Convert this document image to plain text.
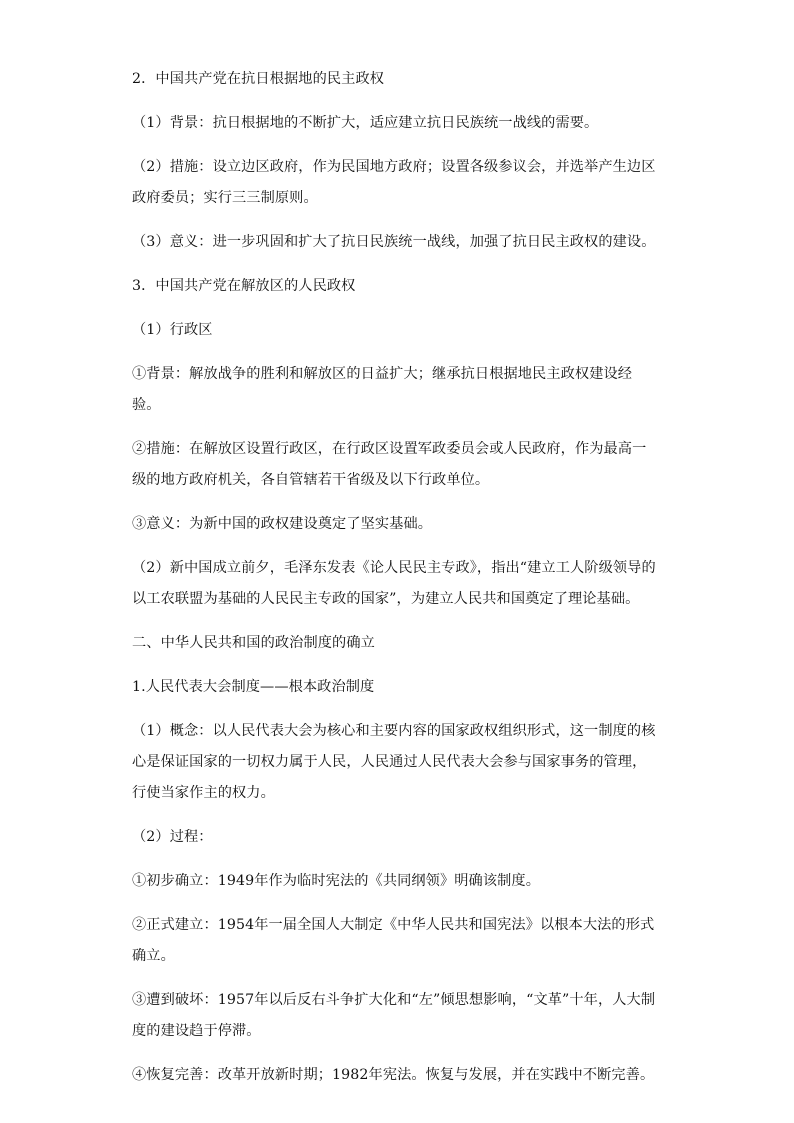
2．中国共产党在抗日根据地的民主政权

（1）背景：抗日根据地的不断扩大，适应建立抗日民族统一战线的需要。

（2）措施：设立边区政府，作为民国地方政府；设置各级参议会，并选举产生边区政府委员；实行三三制原则。

（3）意义：进一步巩固和扩大了抗日民族统一战线，加强了抗日民主政权的建设。

3．中国共产党在解放区的人民政权

（1）行政区

①背景：解放战争的胜利和解放区的日益扩大；继承抗日根据地民主政权建设经验。

②措施：在解放区设置行政区，在行政区设置军政委员会或人民政府，作为最高一级的地方政府机关，各自管辖若干省级及以下行政单位。

③意义：为新中国的政权建设奠定了坚实基础。

（2）新中国成立前夕，毛泽东发表《论人民民主专政》，指出“建立工人阶级领导的以工农联盟为基础的人民民主专政的国家”，为建立人民共和国奠定了理论基础。

二、中华人民共和国的政治制度的确立

1.人民代表大会制度——根本政治制度

（1）概念：以人民代表大会为核心和主要内容的国家政权组织形式，这一制度的核心是保证国家的一切权力属于人民，人民通过人民代表大会参与国家事务的管理，行使当家作主的权力。

（2）过程：

①初步确立：1949年作为临时宪法的《共同纲领》明确该制度。

②正式建立：1954年一届全国人大制定《中华人民共和国宪法》以根本大法的形式确立。

③遭到破坏：1957年以后反右斗争扩大化和“左”倾思想影响，“文革”十年，人大制度的建设趋于停滞。

④恢复完善：改革开放新时期；1982年宪法。恢复与发展，并在实践中不断完善。
